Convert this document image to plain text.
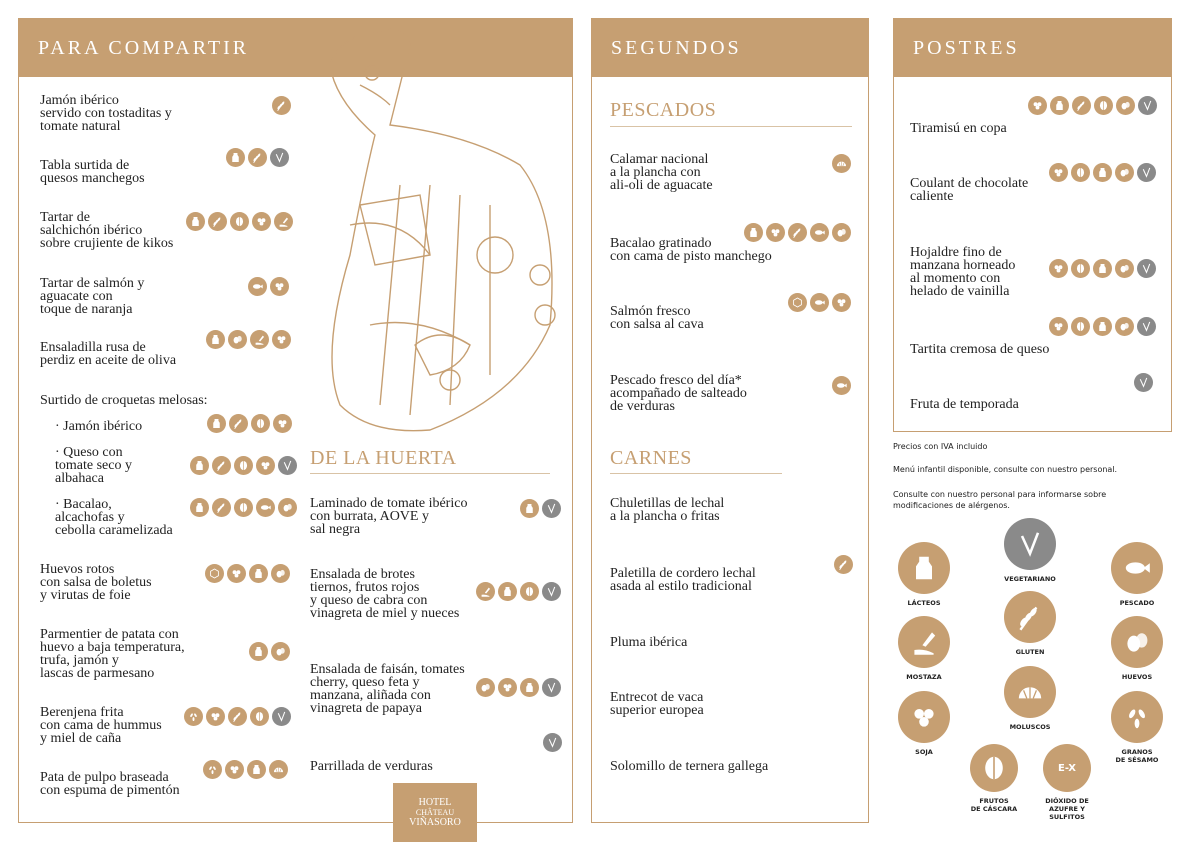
PARA COMPARTIR
Jamón ibérico
servido con tostaditas y
tomate natural
Tabla surtida de
quesos manchegos
Tartar de
salchichón ibérico
sobre crujiente de kikos
Tartar de salmón y
aguacate con
toque de naranja
Ensaladilla rusa de
perdiz en aceite de oliva
Surtido de croquetas melosas:
· Jamón ibérico
· Queso con
tomate seco y
albahaca
· Bacalao,
alcachofas y
cebolla caramelizada
Huevos rotos
con salsa de boletus
y virutas de foie
Parmentier de patata con
huevo a baja temperatura,
trufa, jamón y
lascas de parmesano
Berenjena frita
con cama de hummus
y miel de caña
Pata de pulpo braseada
con espuma de pimentón
DE LA HUERTA
Laminado de tomate ibérico
con burrata, AOVE y
sal negra
Ensalada de brotes
tiernos, frutos rojos
y queso de cabra con
vinagreta de miel y nueces
Ensalada de faisán, tomates
cherry, queso feta y
manzana, aliñada con
vinagreta de papaya
Parrillada de verduras
HOTEL
CHÂTEAU
VIÑASORO
SEGUNDOS
PESCADOS
Calamar nacional
a la plancha con
ali-oli de aguacate
Bacalao gratinado
con cama de pisto manchego
Salmón fresco
con salsa al cava
Pescado fresco del día*
acompañado de salteado
de verduras
CARNES
Chuletillas de lechal
a la plancha o fritas
Paletilla de cordero lechal
asada al estilo tradicional
Pluma ibérica
Entrecot de vaca
superior europea
Solomillo de ternera gallega
POSTRES
Tiramisú en copa
Coulant de chocolate
caliente
Hojaldre fino de
manzana horneado
al momento con
helado de vainilla
Tartita cremosa de queso
Fruta de temporada
Precios con IVA incluido
Menú infantil disponible, consulte con nuestro personal.
Consulte con nuestro personal para informarse sobre
modificaciones de alérgenos.
VEGETARIANO
LÁCTEOS	PESCADO
GLUTEN
MOSTAZA	HUEVOS
MOLUSCOS
SOJA	GRANOS
DE SÉSAMO
FRUTOS
DE CÁSCARA
E-X
DIÓXIDO DE
AZUFRE Y
SULFITOS
